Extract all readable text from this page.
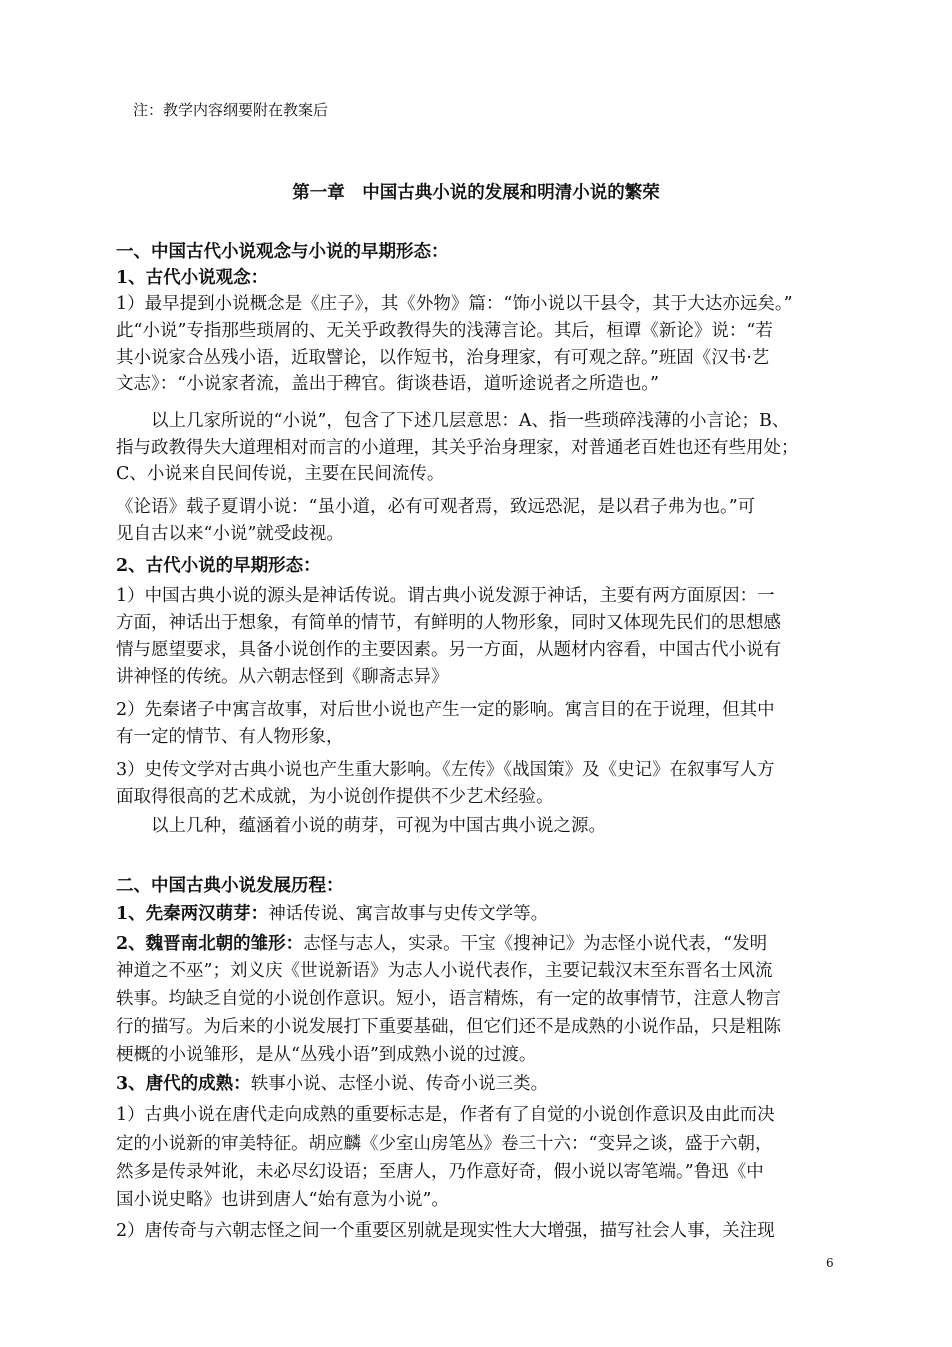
注：教学内容纲要附在教案后

第一章　中国古典小说的发展和明清小说的繁荣

一、中国古代小说观念与小说的早期形态：

1、古代小说观念：

1）最早提到小说概念是《庄子》，其《外物》篇：“饰小说以干县令，其于大达亦远矣。”

此“小说”专指那些琐屑的、无关乎政教得失的浅薄言论。其后，桓谭《新论》说：“若

其小说家合丛残小语，近取譬论，以作短书，治身理家，有可观之辞。”班固《汉书·艺

文志》：“小说家者流，盖出于稗官。街谈巷语，道听途说者之所造也。”

　　以上几家所说的“小说”，包含了下述几层意思：A、指一些琐碎浅薄的小言论；B、

指与政教得失大道理相对而言的小道理，其关乎治身理家，对普通老百姓也还有些用处；

C、小说来自民间传说，主要在民间流传。

《论语》载子夏谓小说：“虽小道，必有可观者焉，致远恐泥，是以君子弗为也。”可

见自古以来“小说”就受歧视。

2、古代小说的早期形态：

1）中国古典小说的源头是神话传说。谓古典小说发源于神话，主要有两方面原因：一

方面，神话出于想象，有简单的情节，有鲜明的人物形象，同时又体现先民们的思想感

情与愿望要求，具备小说创作的主要因素。另一方面，从题材内容看，中国古代小说有

讲神怪的传统。从六朝志怪到《聊斋志异》

2）先秦诸子中寓言故事，对后世小说也产生一定的影响。寓言目的在于说理，但其中

有一定的情节、有人物形象，

3）史传文学对古典小说也产生重大影响。《左传》《战国策》及《史记》在叙事写人方

面取得很高的艺术成就，为小说创作提供不少艺术经验。

　　以上几种，蕴涵着小说的萌芽，可视为中国古典小说之源。

二、中国古典小说发展历程：

1、先秦两汉萌芽：神话传说、寓言故事与史传文学等。

2、魏晋南北朝的雏形：志怪与志人，实录。干宝《搜神记》为志怪小说代表，“发明

神道之不巫”；刘义庆《世说新语》为志人小说代表作，主要记载汉末至东晋名士风流

轶事。均缺乏自觉的小说创作意识。短小，语言精炼，有一定的故事情节，注意人物言

行的描写。为后来的小说发展打下重要基础，但它们还不是成熟的小说作品，只是粗陈

梗概的小说雏形，是从“丛残小语”到成熟小说的过渡。

3、唐代的成熟：轶事小说、志怪小说、传奇小说三类。

1）古典小说在唐代走向成熟的重要标志是，作者有了自觉的小说创作意识及由此而决

定的小说新的审美特征。胡应麟《少室山房笔丛》卷三十六：“变异之谈，盛于六朝，

然多是传录舛讹，未必尽幻设语；至唐人，乃作意好奇，假小说以寄笔端。”鲁迅《中

国小说史略》也讲到唐人“始有意为小说”。

2）唐传奇与六朝志怪之间一个重要区别就是现实性大大增强，描写社会人事，关注现

6
